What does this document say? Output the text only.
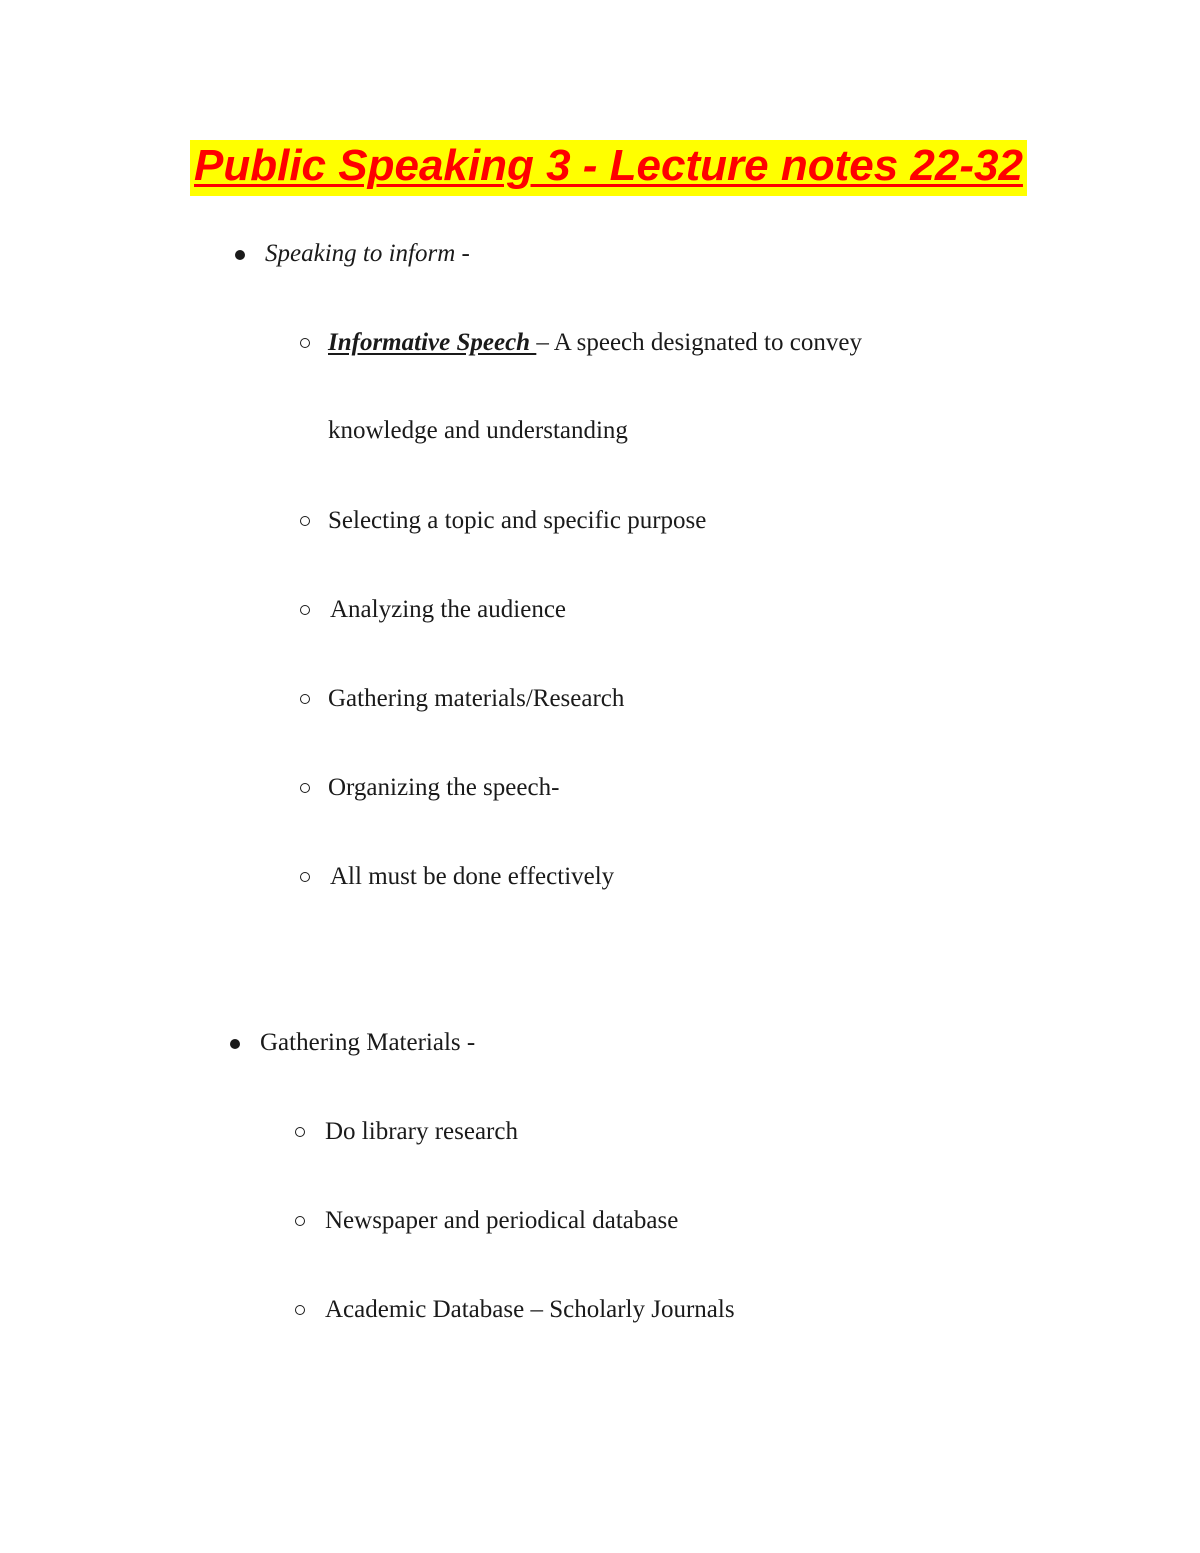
Public Speaking 3 - Lecture notes 22-32
Speaking to inform -
Informative Speech – A speech designated to convey
knowledge and understanding
Selecting a topic and specific purpose
Analyzing the audience
Gathering materials/Research
Organizing the speech-
All must be done effectively
Gathering Materials -
Do library research
Newspaper and periodical database
Academic Database – Scholarly Journals
